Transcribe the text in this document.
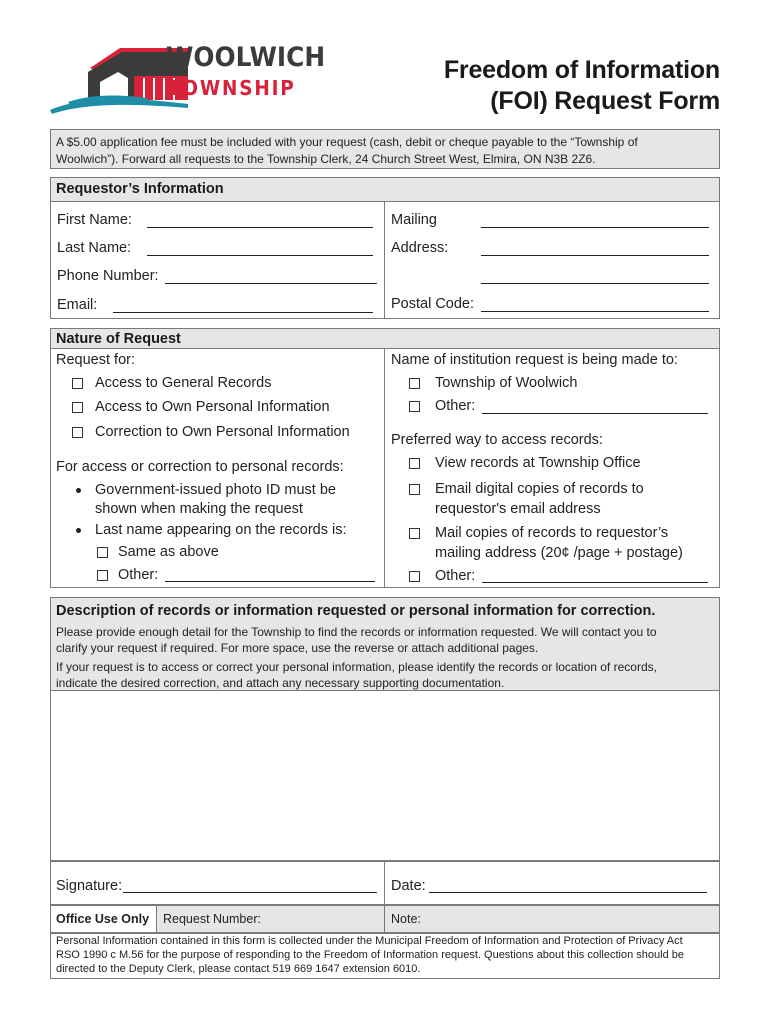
WOOLWICH
TOWNSHIP
Freedom of Information
(FOI) Request Form
A $5.00 application fee must be included with your request (cash, debit or cheque payable to the “Township of
Woolwich”). Forward all requests to the Township Clerk, 24 Church Street West, Elmira, ON N3B 2Z6.
Requestor’s Information
First Name:
Last Name:
Phone Number:
Email:
Mailing
Address:
Postal Code:
Nature of Request
Request for:
Access to General Records
Access to Own Personal Information
Correction to Own Personal Information
For access or correction to personal records:
Government-issued photo ID must be
shown when making the request
Last name appearing on the records is:
Same as above
Other:
Name of institution request is being made to:
Township of Woolwich
Other:
Preferred way to access records:
View records at Township Office
Email digital copies of records to
requestor's email address
Mail copies of records to requestor’s
mailing address (20¢ /page + postage)
Other:
Description of records or information requested or personal information for correction.
Please provide enough detail for the Township to find the records or information requested. We will contact you to
clarify your request if required. For more space, use the reverse or attach additional pages.
If your request is to access or correct your personal information, please identify the records or location of records,
indicate the desired correction, and attach any necessary supporting documentation.
Signature:	Date:
Office Use Only Request Number:	Note:
Personal Information contained in this form is collected under the Municipal Freedom of Information and Protection of Privacy Act
RSO 1990 c M.56 for the purpose of responding to the Freedom of Information request. Questions about this collection should be
directed to the Deputy Clerk, please contact 519 669 1647 extension 6010.
